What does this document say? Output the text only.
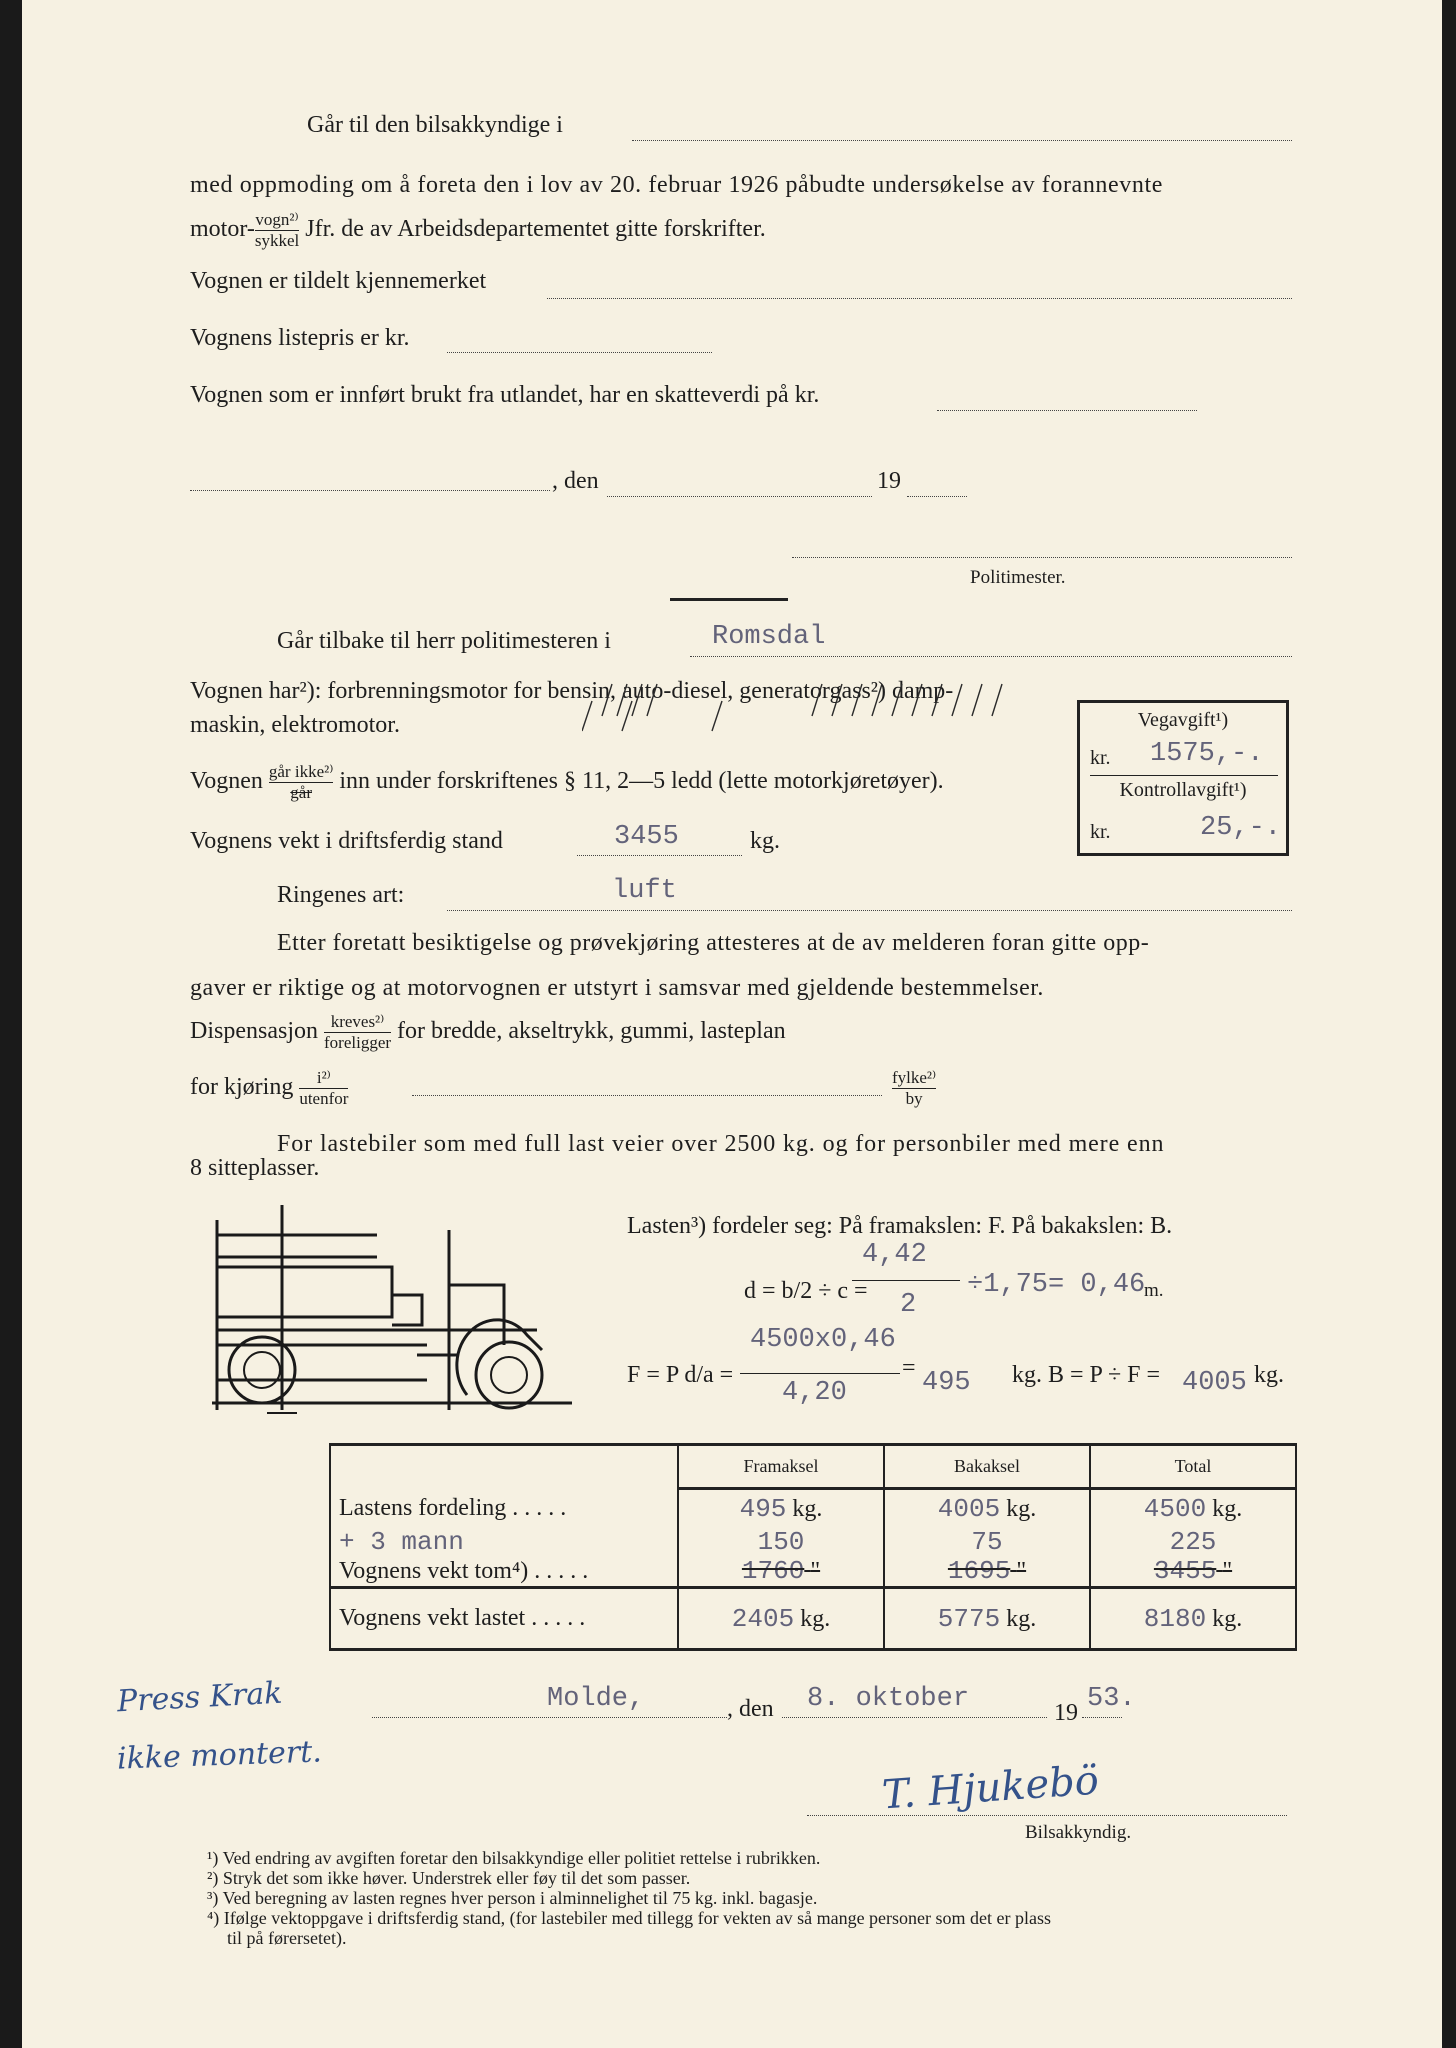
Går til den bilsakkyndige i
med oppmoding om å foreta den i lov av 20. februar 1926 påbudte undersøkelse av forannevnte
motor- $\frac{\text{vogn²⁾}}{\text{sykkel}}$ Jfr. de av Arbeidsdepartementet gitte forskrifter.
Vognen er tildelt kjennemerket
Vognens listepris er kr.
Vognen som er innført brukt fra utlandet, har en skatteverdi på kr.
, den	19
Politimester.
Går tilbake til herr politimesteren i	Romsdal
Vognen har²): forbrenningsmotor for bensin, auto-diesel, generatorgass²) damp-
maskin, elektromotor.	Vegavgift¹)
kr. 1575,-.
Kontrollavgift¹)
kr.	25,-.
Vognen $\frac{\text{går ikke²⁾}}{\text{går}}$ inn under forskriftenes § 11, 2—5 ledd (lette motorkjøretøyer).
Vognens vekt i driftsferdig stand	3455	kg.
Ringenes art:	luft
Etter foretatt besiktigelse og prøvekjøring attesteres at de av melderen foran gitte opp-
gaver er riktige og at motorvognen er utstyrt i samsvar med gjeldende bestemmelser.
Dispensasjon $\frac{\text{kreves²⁾}}{\text{foreligger}}$ for bredde, akseltrykk, gummi, lasteplan
for kjøring $\frac{\text{i²⁾}}{\text{utenfor}}$	$\frac{\text{fylke²⁾}}{by}$
For lastebiler som med full last veier over 2500 kg. og for personbiler med mere enn
8 sitteplasser.
Lasten³) fordeler seg: På framakslen: F. På bakakslen: B.
d = b/2 ÷ c =
4,42
2
÷1,75= 0,46
m.
F = P d/a =
4500x0,46
4,20
= 495 kg. B = P ÷ F = 4005 kg.
	Framaksel	Bakaksel	Total
Lastens fordeling . . . . .	495 kg.	4005 kg.	4500 kg.
+ 3 mann	150	75	225
Vognens vekt tom⁴) . . . . .	1760 "	1695 "	3455 "
Vognens vekt lastet . . . . .	2405 kg.	5775 kg.	8180 kg.
Press Krak
ikke montert.
Molde,	, den 8. oktober	19 53.
T. Hjukebö
Bilsakkyndig.
¹) Ved endring av avgiften foretar den bilsakkyndige eller politiet rettelse i rubrikken.
²) Stryk det som ikke høver. Understrek eller føy til det som passer.
³) Ved beregning av lasten regnes hver person i alminnelighet til 75 kg. inkl. bagasje.
⁴) Ifølge vektoppgave i driftsferdig stand, (for lastebiler med tillegg for vekten av så mange personer som det er plass
til på førersetet).
